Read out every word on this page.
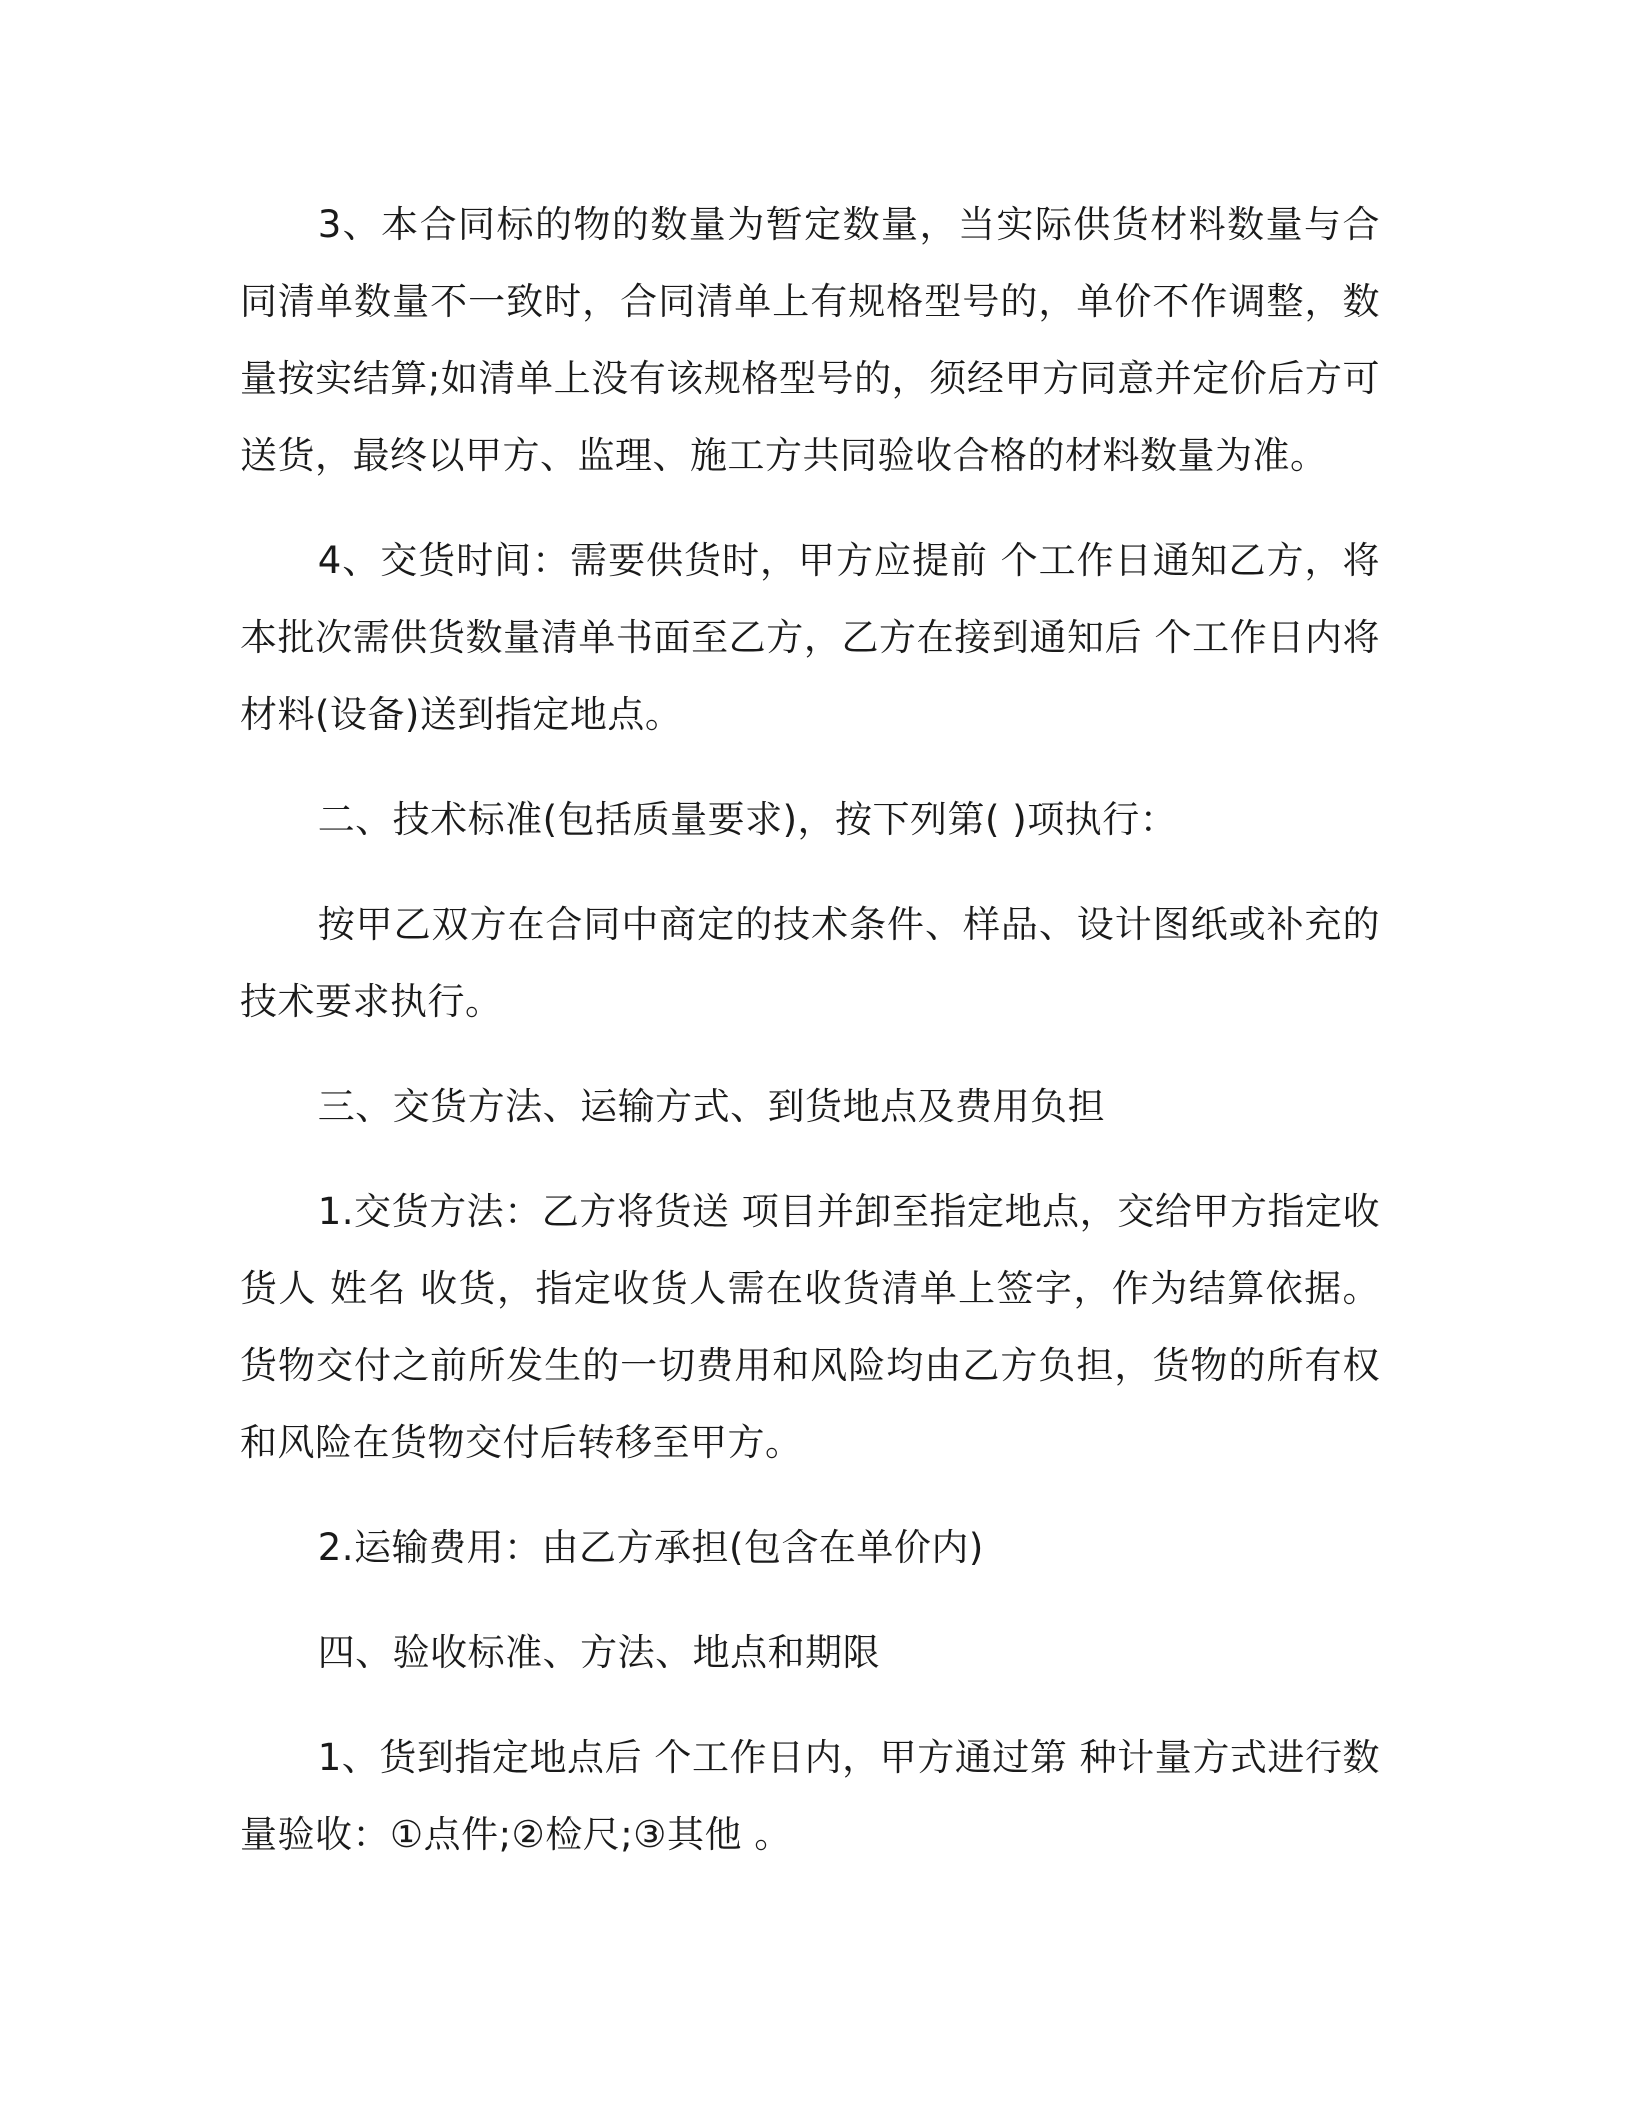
3、本合同标的物的数量为暂定数量，当实际供货材料数量与合同清单数量不一致时，合同清单上有规格型号的，单价不作调整，数量按实结算;如清单上没有该规格型号的，须经甲方同意并定价后方可送货，最终以甲方、监理、施工方共同验收合格的材料数量为准。

4、交货时间：需要供货时，甲方应提前 个工作日通知乙方，将本批次需供货数量清单书面至乙方，乙方在接到通知后 个工作日内将材料(设备)送到指定地点。

二、技术标准(包括质量要求)，按下列第( )项执行：

按甲乙双方在合同中商定的技术条件、样品、设计图纸或补充的技术要求执行。

三、交货方法、运输方式、到货地点及费用负担

1.交货方法：乙方将货送 项目并卸至指定地点，交给甲方指定收货人 姓名 收货，指定收货人需在收货清单上签字，作为结算依据。货物交付之前所发生的一切费用和风险均由乙方负担，货物的所有权和风险在货物交付后转移至甲方。

2.运输费用：由乙方承担(包含在单价内)

四、验收标准、方法、地点和期限

1、货到指定地点后 个工作日内，甲方通过第 种计量方式进行数量验收：①点件;②检尺;③其他 。
